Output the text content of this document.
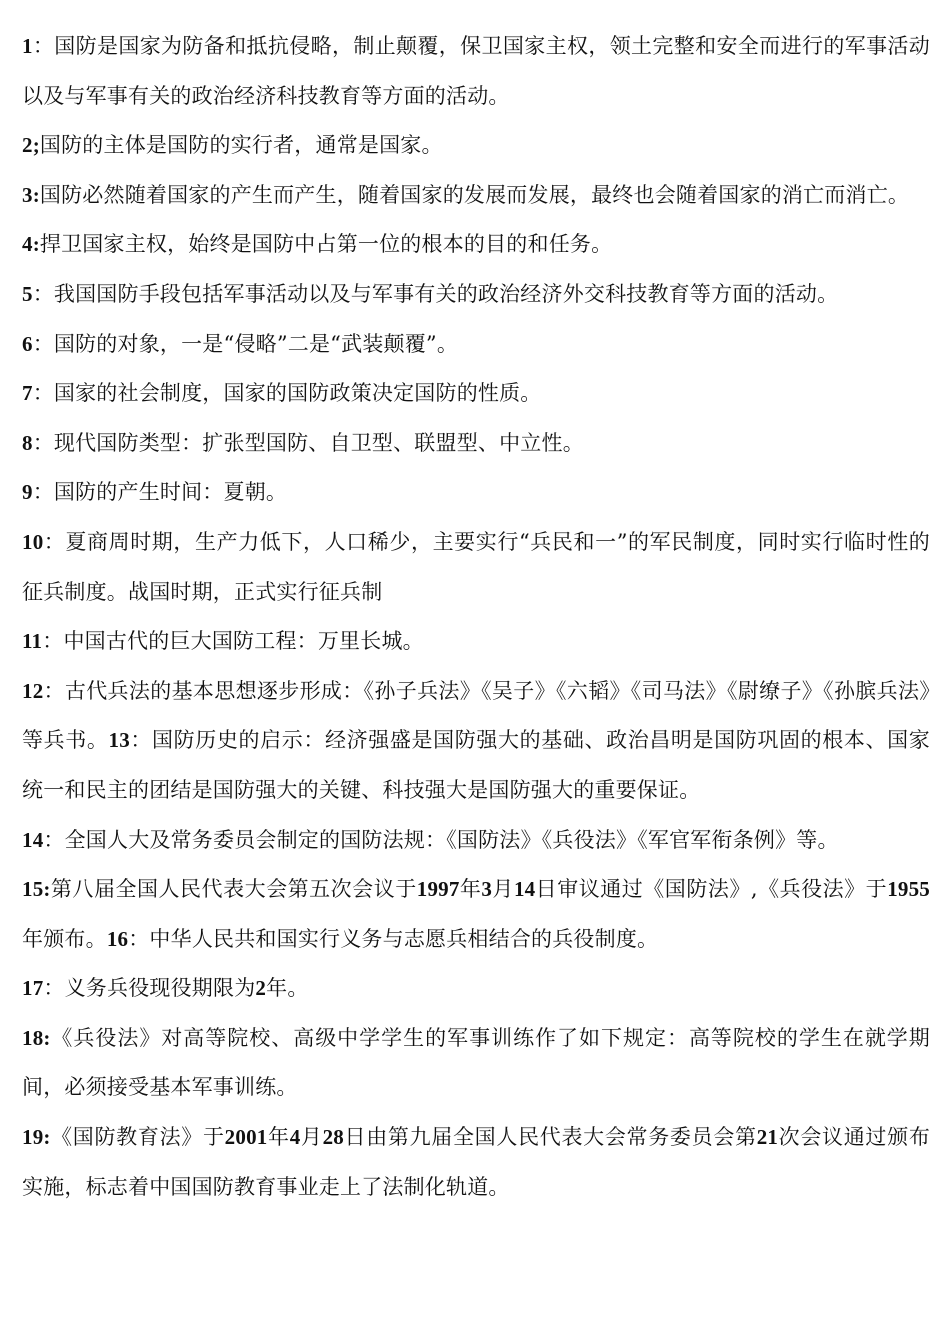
1：国防是国家为防备和抵抗侵略，制止颠覆，保卫国家主权，领土完整和安全而进行的军事活动以及与军事有关的政治经济科技教育等方面的活动。

2;国防的主体是国防的实行者，通常是国家。

3:国防必然随着国家的产生而产生，随着国家的发展而发展，最终也会随着国家的消亡而消亡。

4:捍卫国家主权，始终是国防中占第一位的根本的目的和任务。

5：我国国防手段包括军事活动以及与军事有关的政治经济外交科技教育等方面的活动。

6：国防的对象，一是“侵略”二是“武装颠覆”。

7：国家的社会制度，国家的国防政策决定国防的性质。

8：现代国防类型：扩张型国防、自卫型、联盟型、中立性。

9：国防的产生时间：夏朝。

10：夏商周时期，生产力低下，人口稀少，主要实行“兵民和一”的军民制度，同时实行临时性的征兵制度。战国时期，正式实行征兵制

11：中国古代的巨大国防工程：万里长城。

12：古代兵法的基本思想逐步形成：《孙子兵法》《吴子》《六韬》《司马法》《尉缭子》《孙膑兵法》等兵书。13：国防历史的启示：经济强盛是国防强大的基础、政治昌明是国防巩固的根本、国家统一和民主的团结是国防强大的关键、科技强大是国防强大的重要保证。

14：全国人大及常务委员会制定的国防法规：《国防法》《兵役法》《军官军衔条例》等。

15:第八届全国人民代表大会第五次会议于1997年3月14日审议通过《国防法》,《兵役法》于1955年颁布。16：中华人民共和国实行义务与志愿兵相结合的兵役制度。

17：义务兵役现役期限为2年。

18:《兵役法》对高等院校、高级中学学生的军事训练作了如下规定：高等院校的学生在就学期间，必须接受基本军事训练。

19:《国防教育法》于2001年4月28日由第九届全国人民代表大会常务委员会第21次会议通过颁布实施，标志着中国国防教育事业走上了法制化轨道。
